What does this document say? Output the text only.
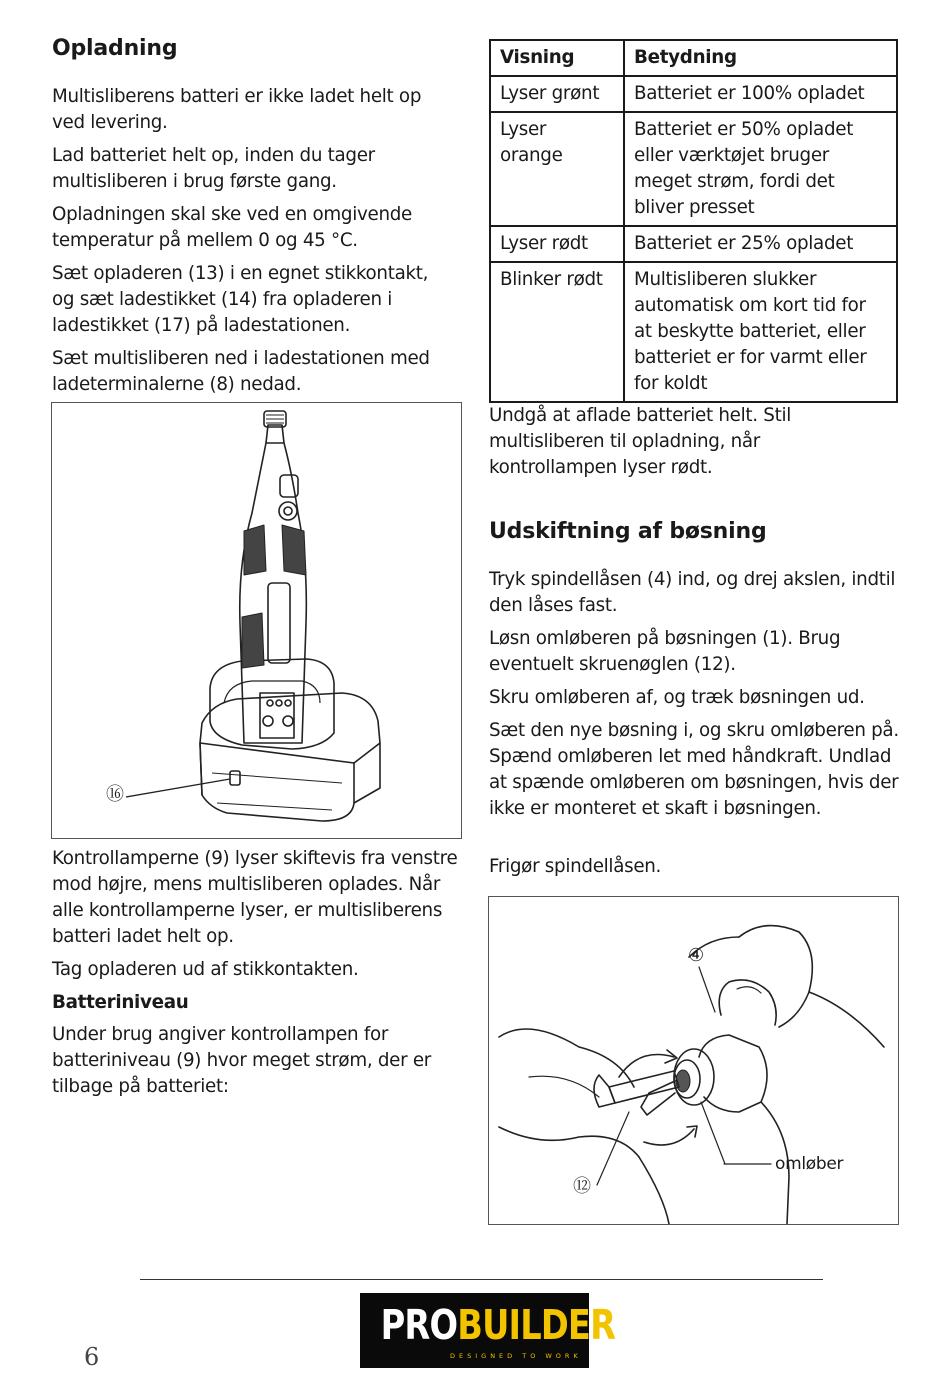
Opladning

Multisliberens batteri er ikke ladet helt op ved levering.

Lad batteriet helt op, inden du tager multisliberen i brug første gang.

Opladningen skal ske ved en omgivende temperatur på mellem 0 og 45 °C.

Sæt opladeren (13) i en egnet stikkontakt, og sæt ladestikket (14) fra opladeren i ladestikket (17) på ladestationen.

Sæt multisliberen ned i ladestationen med ladeterminalerne (8) nedad.

⑯

Kontrollamperne (9) lyser skiftevis fra venstre mod højre, mens multisliberen oplades. Når alle kontrollamperne lyser, er multisliberens batteri ladet helt op.

Tag opladeren ud af stikkontakten.

Batteriniveau

Under brug angiver kontrollampen for batteriniveau (9) hvor meget strøm, der er tilbage på batteriet:

Visning	Betydning
Lyser grønt	Batteriet er 100% opladet
Lyser orange	Batteriet er 50% opladet eller værktøjet bruger meget strøm, fordi det bliver presset
Lyser rødt	Batteriet er 25% opladet
Blinker rødt	Multisliberen slukker automatisk om kort tid for at beskytte batteriet, eller batteriet er for varmt eller for koldt

Undgå at aflade batteriet helt. Stil multisliberen til opladning, når kontrollampen lyser rødt.

Udskiftning af bøsning

Tryk spindellåsen (4) ind, og drej akslen, indtil den låses fast.

Løsn omløberen på bøsningen (1). Brug eventuelt skruenøglen (12).

Skru omløberen af, og træk bøsningen ud.

Sæt den nye bøsning i, og skru omløberen på. Spænd omløberen let med håndkraft. Undlad at spænde omløberen om bøsningen, hvis der ikke er monteret et skaft i bøsningen.

Frigør spindellåsen.

④
⑫
omløber
PROBUILDER
DESIGNED TO WORK
6
